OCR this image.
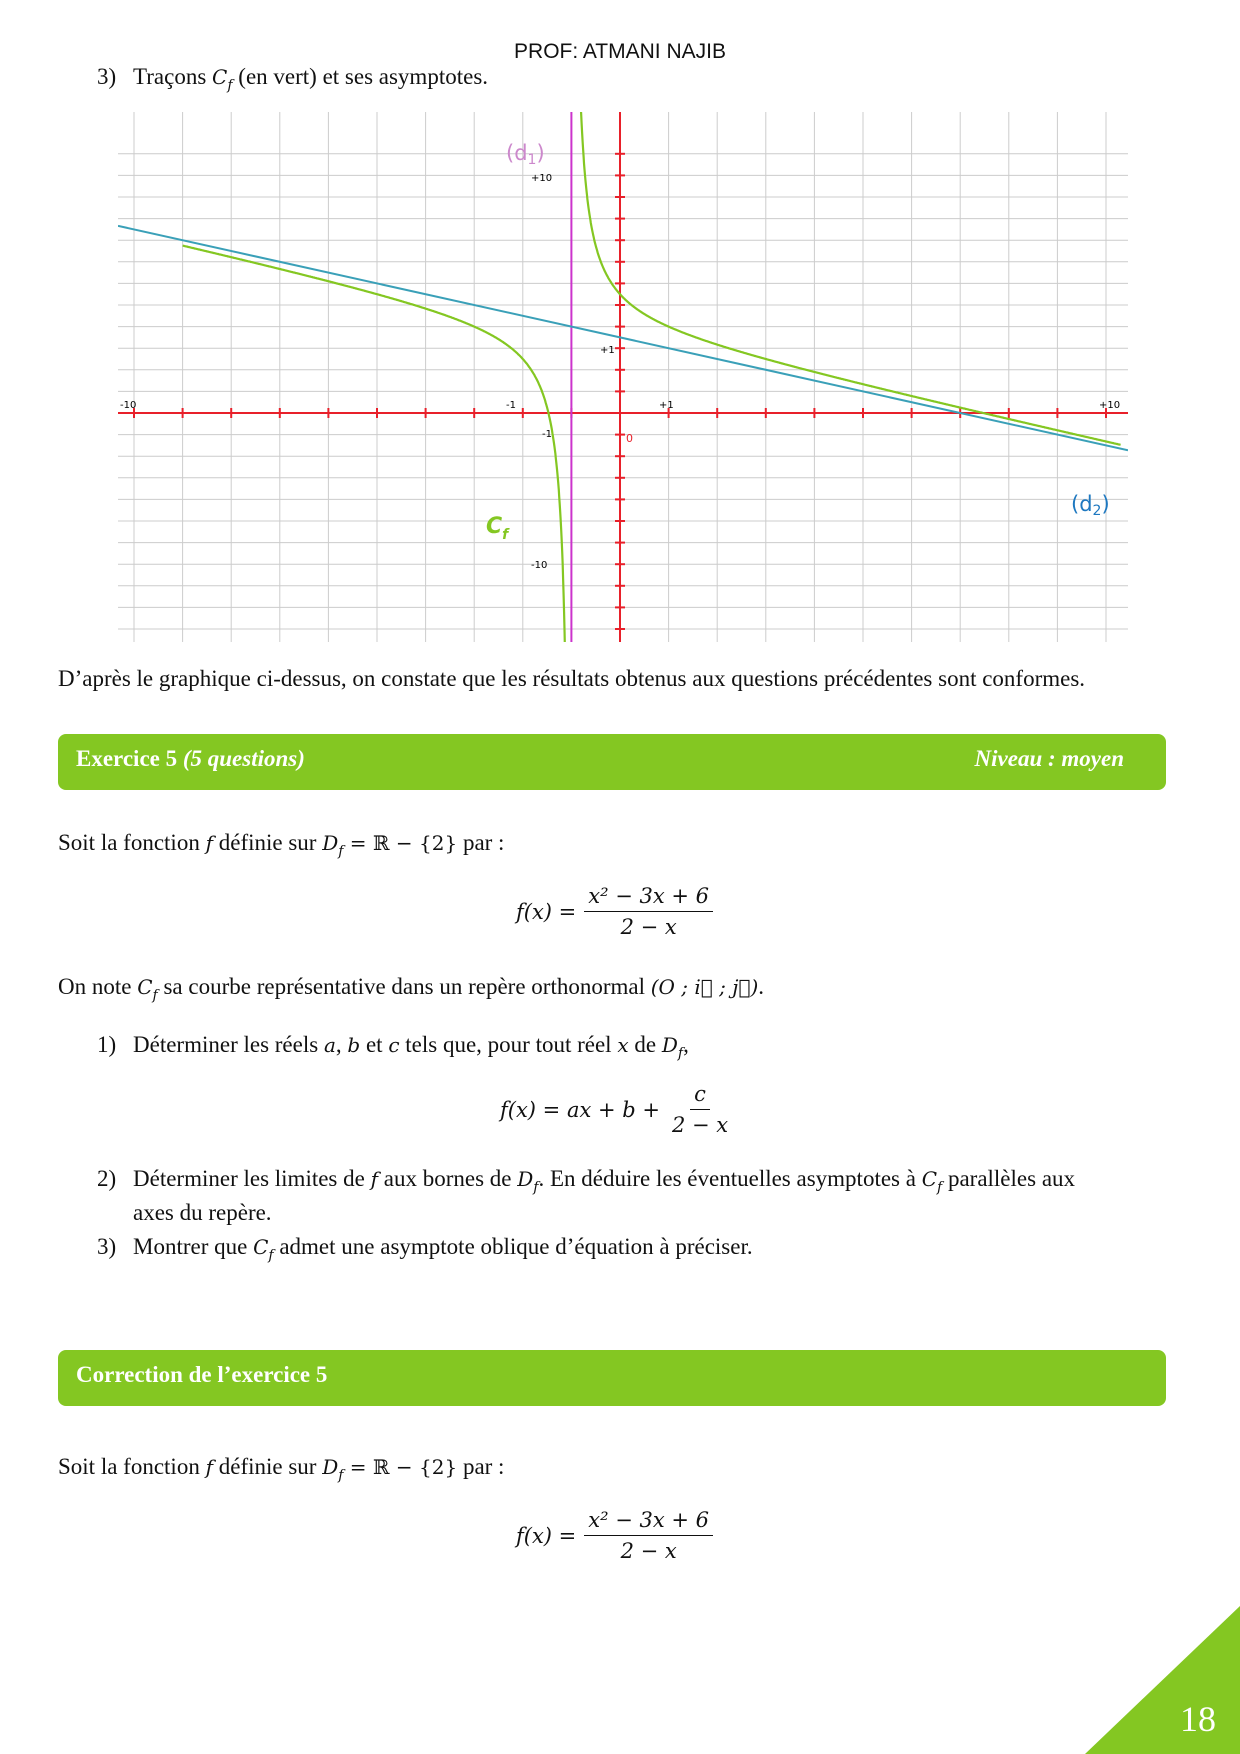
PROF: ATMANI NAJIB
3) Traçons $C_f$ (en vert) et ses asymptotes.
-10	-1	+1	+10
+10
+1
-1
-10
0
(d1)
(d2)
$C_f$
D’après le graphique ci-dessus, on constate que les résultats obtenus aux questions précédentes sont conformes.
Exercice 5 (5 questions)	Niveau : moyen
Soit la fonction f définie sur $D_f$ = ℝ − {2} par :
$f(x) = \frac{\text{x² − 3x + 6}}{2 - x}$
On note $C_f$ sa courbe représentative dans un repère orthonormal (O ; i⃗ ; j⃗).
1) Déterminer les réels a, b et c tels que, pour tout réel x de $D_f$,
f(x) = ax + $b + \frac{c}{2 - x}$
2) Déterminer les limites de f aux bornes de $D_f$. En déduire les éventuelles asymptotes à $C_f$ parallèles aux
axes du repère.
3) Montrer que $C_f$ admet une asymptote oblique d’équation à préciser.
Correction de l’exercice 5
Soit la fonction f définie sur $D_f$ = ℝ − {2} par :
$f(x) = \frac{\text{x² − 3x + 6}}{2 - x}$
18
